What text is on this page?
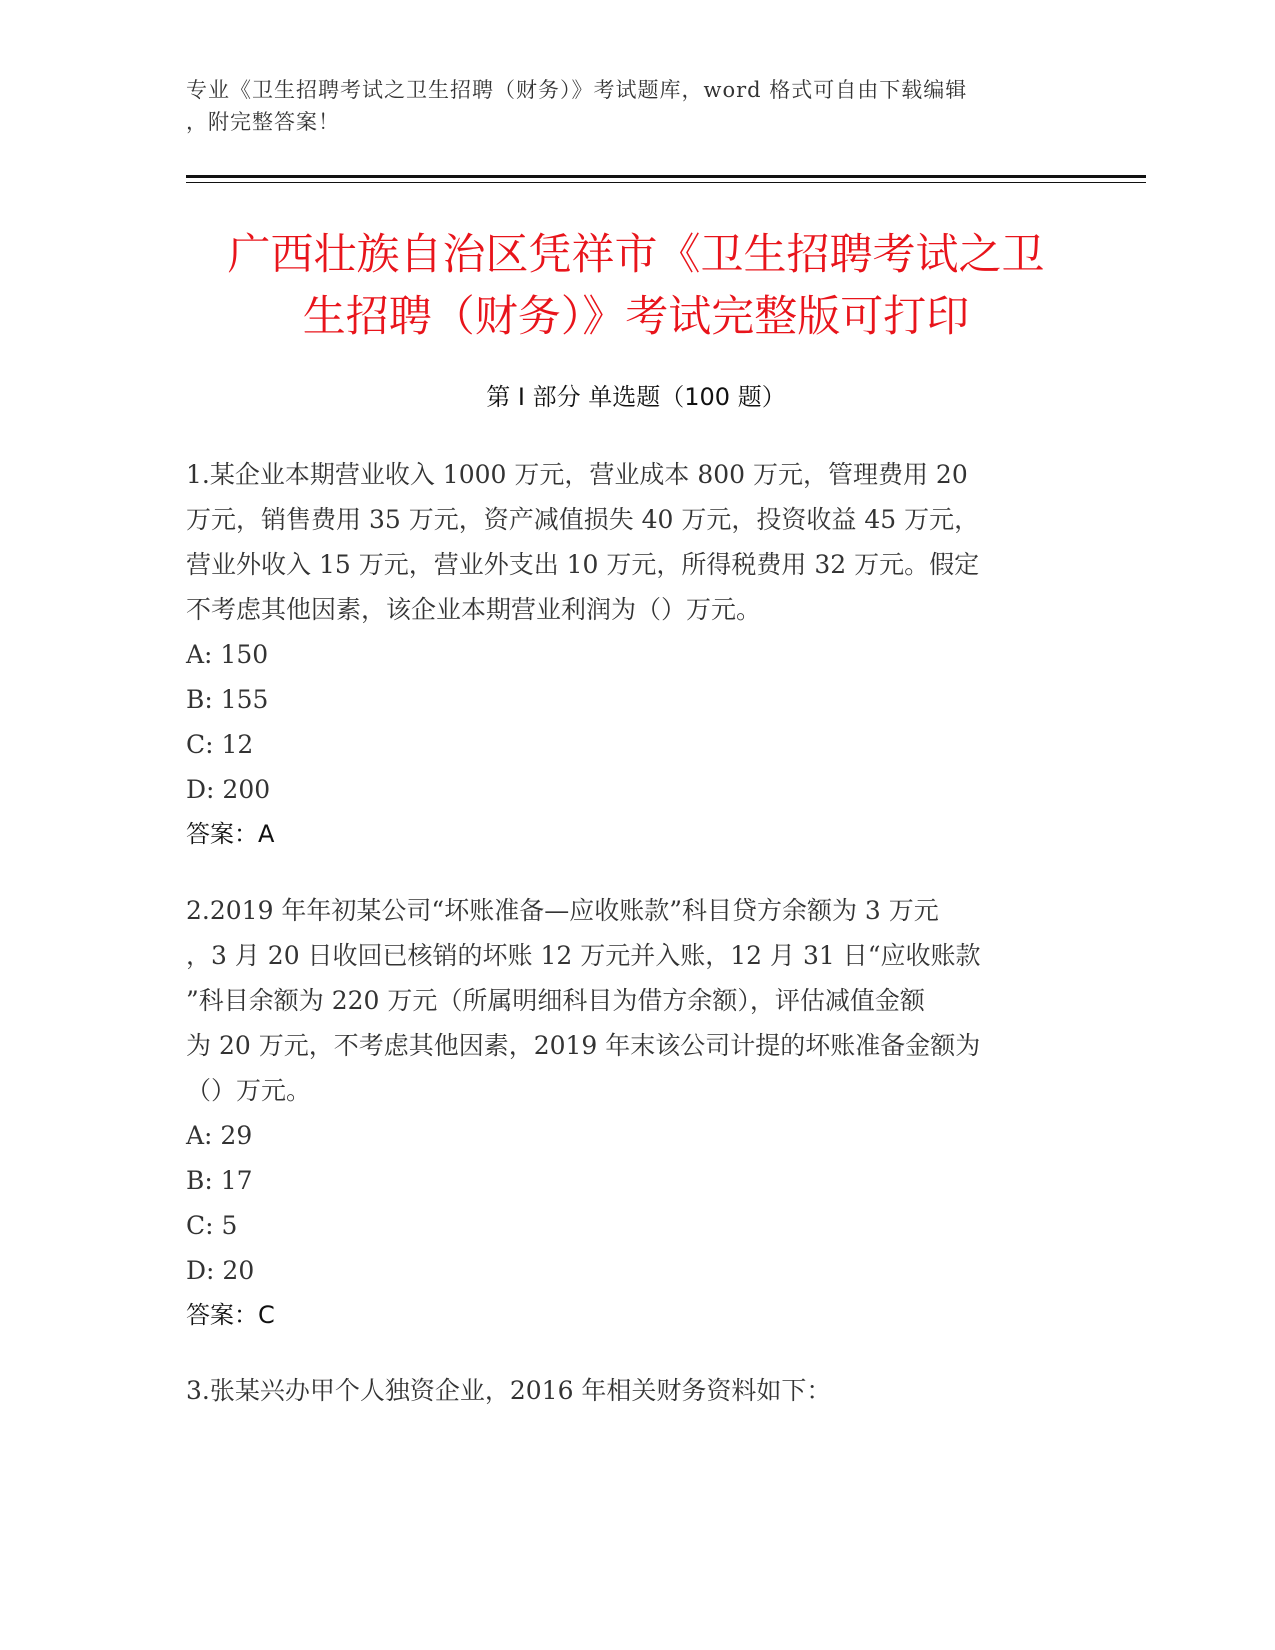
专业《卫生招聘考试之卫生招聘（财务）》考试题库，word 格式可自由下载编辑
，附完整答案！
广西壮族自治区凭祥市《卫生招聘考试之卫
生招聘（财务）》考试完整版可打印
第 I 部分 单选题（100 题）
1.某企业本期营业收入 1000 万元，营业成本 800 万元，管理费用 20
万元，销售费用 35 万元，资产减值损失 40 万元，投资收益 45 万元，
营业外收入 15 万元，营业外支出 10 万元，所得税费用 32 万元。假定
不考虑其他因素，该企业本期营业利润为（）万元。
A: 150
B: 155
C: 12
D: 200
答案：A
2.2019 年年初某公司“坏账准备—应收账款”科目贷方余额为 3 万元
，3 月 20 日收回已核销的坏账 12 万元并入账，12 月 31 日“应收账款
”科目余额为 220 万元（所属明细科目为借方余额），评估减值金额
为 20 万元，不考虑其他因素，2019 年末该公司计提的坏账准备金额为
（）万元。
A: 29
B: 17
C: 5
D: 20
答案：C
3.张某兴办甲个人独资企业，2016 年相关财务资料如下：
